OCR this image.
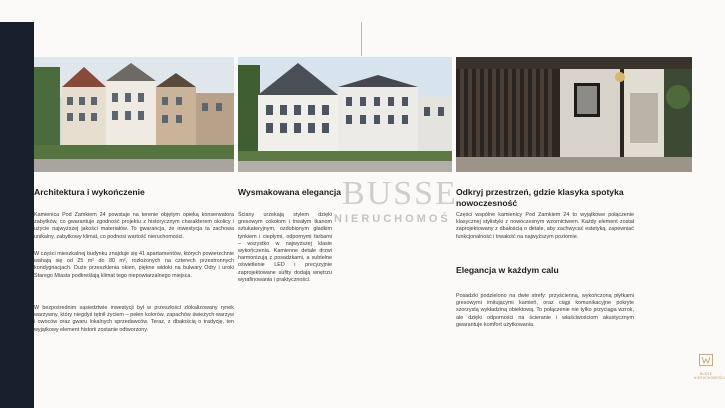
BUSSE
NIERUCHOMOŚ
Architektura i wykończenie

Kamienica Pod Zamkiem 24 powstaje na terenie objętym opieką konserwatora zabytków, co gwarantuje zgodność projektu z historycznym charakterem okolicy i użycie najwyższej jakości materiałów. To gwarancja, że inwestycja ta zachowa unikalny, zabytkowy klimat, co podnosi wartość nieruchomości.

W części mieszkalnej budynku znajduje się 41 apartamentów, których powierzchnie wahają się od 25 m² do 80 m², rozłożonych na czterech przestronnych kondygnacjach. Duże przeszklenia okien, piękne widoki na bulwary Odry i uroki Starego Miasta podkreślają klimat tego niepowtarzalnego miejsca.

W bezpośrednim sąsiedztwie inwestycji był w przeszłości zlokalizowany rynek warzywny, który niegdyś tętnił życiem – pełen kolorów, zapachów świeżych warzyw i owoców oraz gwaru lokalnych sprzedawców. Teraz, z dbałością o tradycję, ten wyjątkowy element historii zostanie odtworzony.

Wysmakowana elegancja

Ściany urzekają stylem dzięki gresowym cokołom i trwałym tkanom sztukateryjnym, ozdobionym gładkim tynkiem i ciepłymi, odpornymi farbami – wszystko w najwyższej klasie wykończenia. Kamienne detale drzwi harmonizują z posadzkami, a subtelne oświetlenie LED i precyzyjnie zaprojektowane sufity dodają wnętrzu wyrafinowania i praktyczności.

Odkryj przestrzeń, gdzie klasyka spotyka nowoczesność

Części wspólne kamienicy Pod Zamkiem 24 to wyjątkowe połączenie klasycznej stylistyki z nowoczesnym wzornictwem. Każdy element został zaprojektowany z dbałością o detale, aby zachwycać estetyką, zapewniać funkcjonalność i trwałość na najwyższym poziomie.

Elegancja w każdym calu

Posadzki podzielono na dwie strefy: przyścienną, wykończoną płytkami gresowymi imitującymi kamień, oraz ciągi komunikacyjne pokryte szorzystą wykładziną obiektową. To połączenie nie tylko przyciąga wzrok, ale dzięki odporności na ścieranie i właściwościom akustycznym gwarantuje komfort użytkowania.

BUSSE NIERUCHOMOŚCI
